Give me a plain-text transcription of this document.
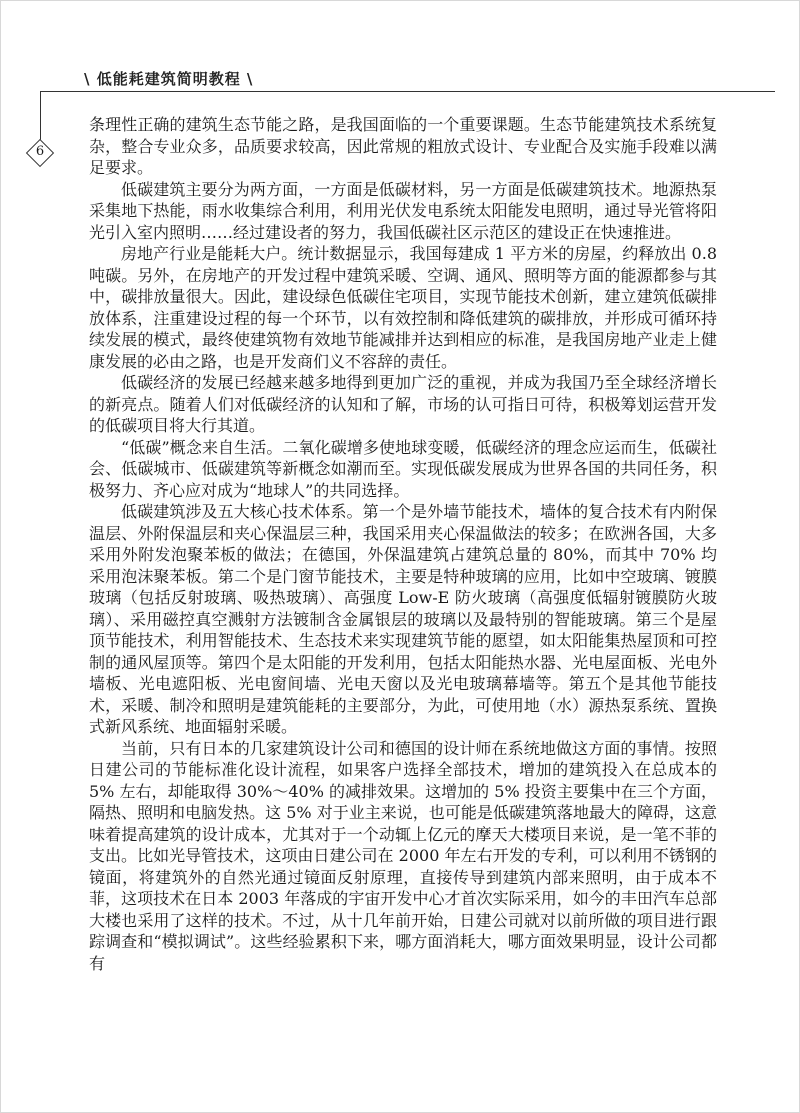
\ 低能耗建筑简明教程 \
6

条理性正确的建筑生态节能之路，是我国面临的一个重要课题。生态节能建筑技术系统复杂，整合专业众多，品质要求较高，因此常规的粗放式设计、专业配合及实施手段难以满足要求。

低碳建筑主要分为两方面，一方面是低碳材料，另一方面是低碳建筑技术。地源热泵采集地下热能，雨水收集综合利用，利用光伏发电系统太阳能发电照明，通过导光管将阳光引入室内照明……经过建设者的努力，我国低碳社区示范区的建设正在快速推进。

房地产行业是能耗大户。统计数据显示，我国每建成 1 平方米的房屋，约释放出 0.8 吨碳。另外，在房地产的开发过程中建筑采暖、空调、通风、照明等方面的能源都参与其中，碳排放量很大。因此，建设绿色低碳住宅项目，实现节能技术创新，建立建筑低碳排放体系，注重建设过程的每一个环节，以有效控制和降低建筑的碳排放，并形成可循环持续发展的模式，最终使建筑物有效地节能减排并达到相应的标准，是我国房地产业走上健康发展的必由之路，也是开发商们义不容辞的责任。

低碳经济的发展已经越来越多地得到更加广泛的重视，并成为我国乃至全球经济增长的新亮点。随着人们对低碳经济的认知和了解，市场的认可指日可待，积极筹划运营开发的低碳项目将大行其道。

“低碳”概念来自生活。二氧化碳增多使地球变暖，低碳经济的理念应运而生，低碳社会、低碳城市、低碳建筑等新概念如潮而至。实现低碳发展成为世界各国的共同任务，积极努力、齐心应对成为“地球人”的共同选择。

低碳建筑涉及五大核心技术体系。第一个是外墙节能技术，墙体的复合技术有内附保温层、外附保温层和夹心保温层三种，我国采用夹心保温做法的较多；在欧洲各国，大多采用外附发泡聚苯板的做法；在德国，外保温建筑占建筑总量的 80%，而其中 70% 均采用泡沫聚苯板。第二个是门窗节能技术，主要是特种玻璃的应用，比如中空玻璃、镀膜玻璃（包括反射玻璃、吸热玻璃）、高强度 Low-E 防火玻璃（高强度低辐射镀膜防火玻璃）、采用磁控真空溅射方法镀制含金属银层的玻璃以及最特别的智能玻璃。第三个是屋顶节能技术，利用智能技术、生态技术来实现建筑节能的愿望，如太阳能集热屋顶和可控制的通风屋顶等。第四个是太阳能的开发利用，包括太阳能热水器、光电屋面板、光电外墙板、光电遮阳板、光电窗间墙、光电天窗以及光电玻璃幕墙等。第五个是其他节能技术，采暖、制冷和照明是建筑能耗的主要部分，为此，可使用地（水）源热泵系统、置换式新风系统、地面辐射采暖。

当前，只有日本的几家建筑设计公司和德国的设计师在系统地做这方面的事情。按照日建公司的节能标准化设计流程，如果客户选择全部技术，增加的建筑投入在总成本的 5% 左右，却能取得 30%～40% 的减排效果。这增加的 5% 投资主要集中在三个方面，隔热、照明和电脑发热。这 5% 对于业主来说，也可能是低碳建筑落地最大的障碍，这意味着提高建筑的设计成本，尤其对于一个动辄上亿元的摩天大楼项目来说，是一笔不菲的支出。比如光导管技术，这项由日建公司在 2000 年左右开发的专利，可以利用不锈钢的镜面，将建筑外的自然光通过镜面反射原理，直接传导到建筑内部来照明，由于成本不菲，这项技术在日本 2003 年落成的宇宙开发中心才首次实际采用，如今的丰田汽车总部大楼也采用了这样的技术。不过，从十几年前开始，日建公司就对以前所做的项目进行跟踪调查和“模拟调试”。这些经验累积下来，哪方面消耗大，哪方面效果明显，设计公司都有
